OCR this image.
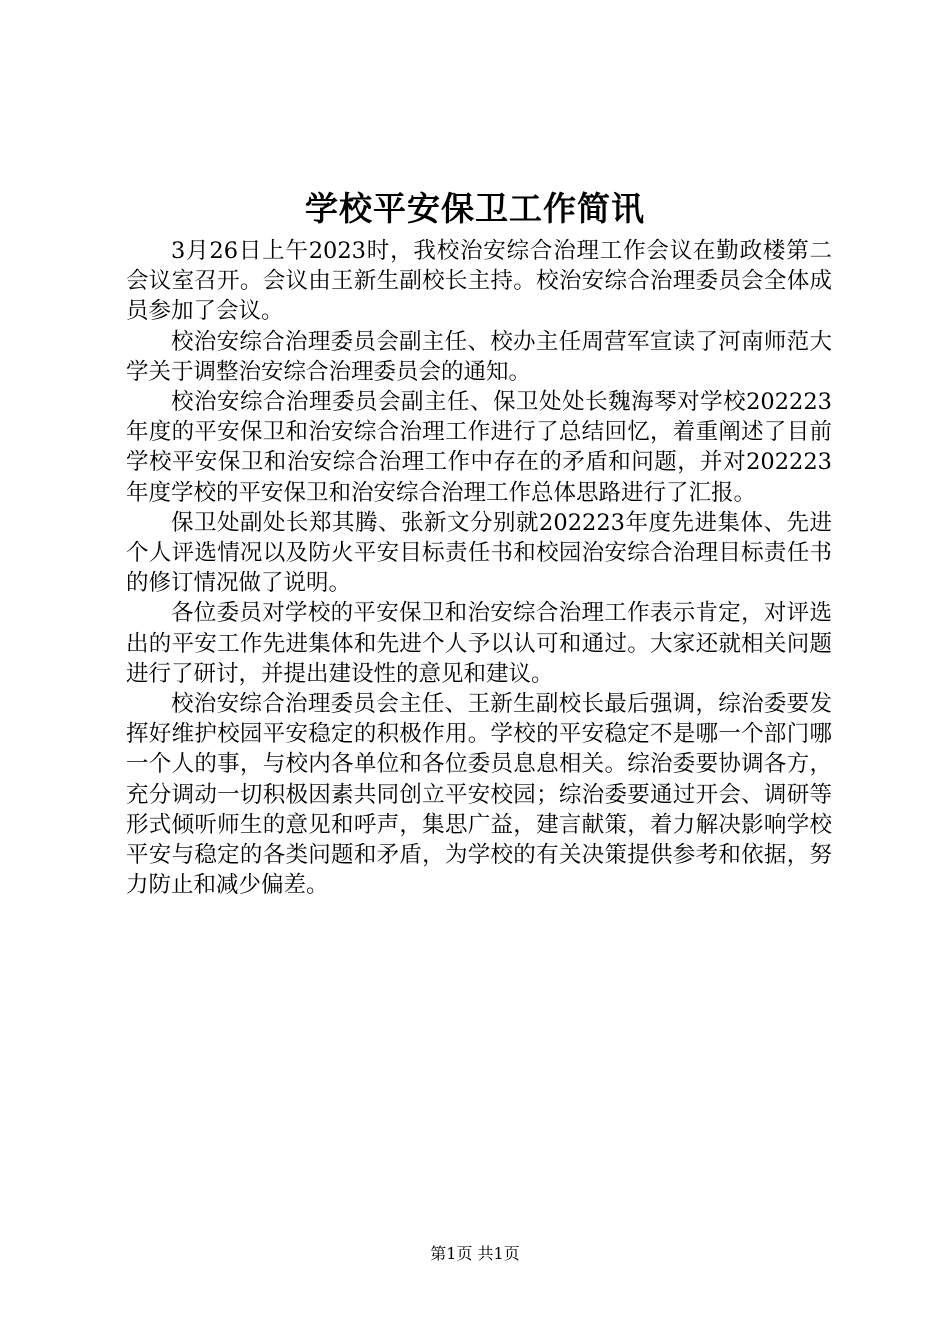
学校平安保卫工作简讯

3月26日上午2023时，我校治安综合治理工作会议在勤政楼第二会议室召开。会议由王新生副校长主持。校治安综合治理委员会全体成员参加了会议。

校治安综合治理委员会副主任、校办主任周营军宣读了河南师范大学关于调整治安综合治理委员会的通知。

校治安综合治理委员会副主任、保卫处处长魏海琴对学校202223年度的平安保卫和治安综合治理工作进行了总结回忆，着重阐述了目前学校平安保卫和治安综合治理工作中存在的矛盾和问题，并对202223年度学校的平安保卫和治安综合治理工作总体思路进行了汇报。

保卫处副处长郑其腾、张新文分别就202223年度先进集体、先进个人评选情况以及防火平安目标责任书和校园治安综合治理目标责任书的修订情况做了说明。

各位委员对学校的平安保卫和治安综合治理工作表示肯定，对评选出的平安工作先进集体和先进个人予以认可和通过。大家还就相关问题进行了研讨，并提出建设性的意见和建议。

校治安综合治理委员会主任、王新生副校长最后强调，综治委要发挥好维护校园平安稳定的积极作用。学校的平安稳定不是哪一个部门哪一个人的事，与校内各单位和各位委员息息相关。综治委要协调各方，充分调动一切积极因素共同创立平安校园；综治委要通过开会、调研等形式倾听师生的意见和呼声，集思广益，建言献策，着力解决影响学校平安与稳定的各类问题和矛盾，为学校的有关决策提供参考和依据，努力防止和减少偏差。

第1页 共1页
